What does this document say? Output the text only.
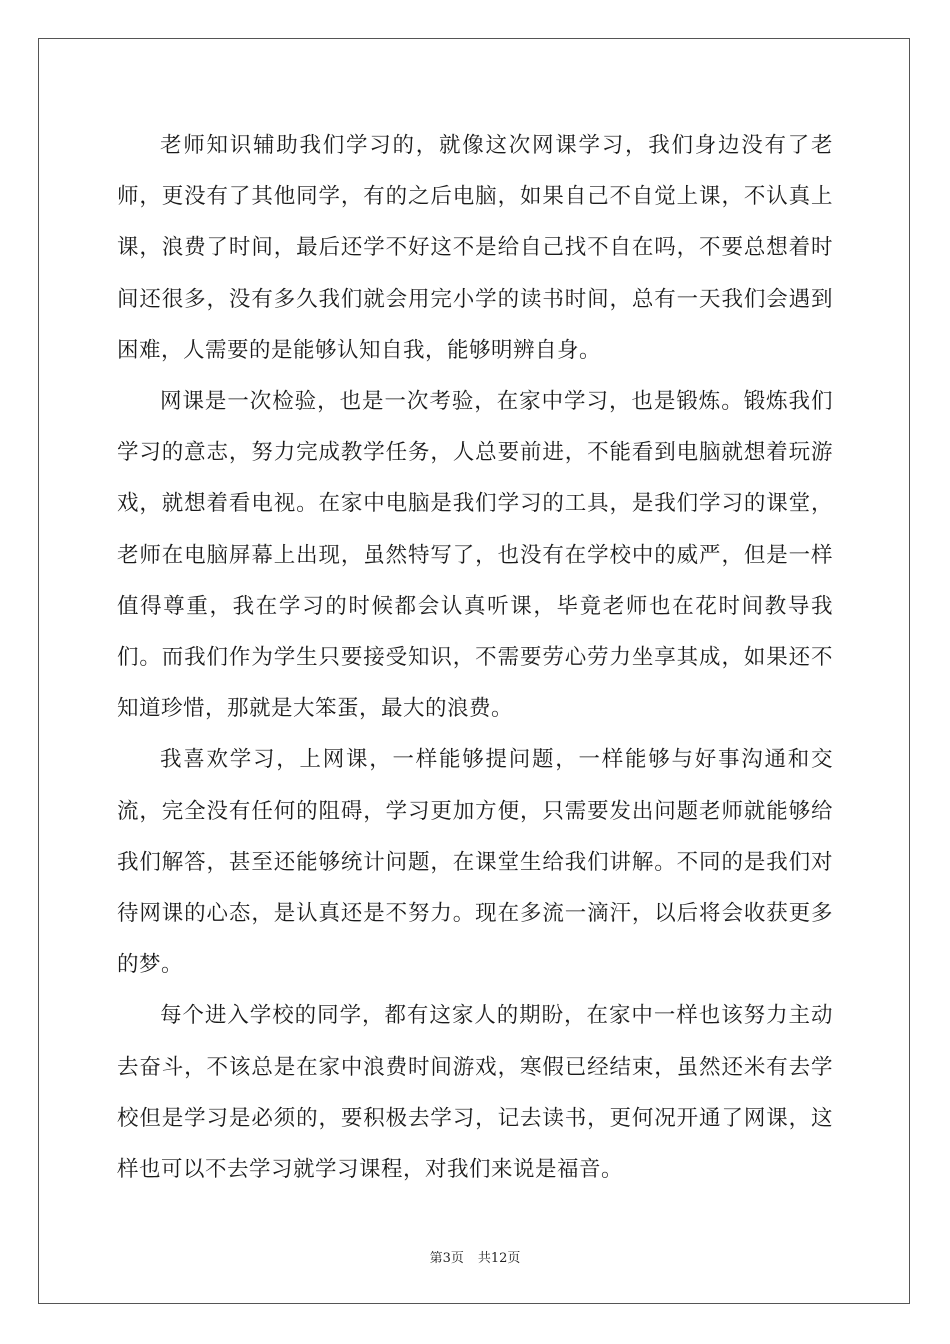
老师知识辅助我们学习的，就像这次网课学习，我们身边没有了老师，更没有了其他同学，有的之后电脑，如果自己不自觉上课，不认真上课，浪费了时间，最后还学不好这不是给自己找不自在吗，不要总想着时间还很多，没有多久我们就会用完小学的读书时间，总有一天我们会遇到困难，人需要的是能够认知自我，能够明辨自身。

网课是一次检验，也是一次考验，在家中学习，也是锻炼。锻炼我们学习的意志，努力完成教学任务，人总要前进，不能看到电脑就想着玩游戏，就想着看电视。在家中电脑是我们学习的工具，是我们学习的课堂，老师在电脑屏幕上出现，虽然特写了，也没有在学校中的威严，但是一样值得尊重，我在学习的时候都会认真听课，毕竟老师也在花时间教导我们。而我们作为学生只要接受知识，不需要劳心劳力坐享其成，如果还不知道珍惜，那就是大笨蛋，最大的浪费。

我喜欢学习，上网课，一样能够提问题，一样能够与好事沟通和交流，完全没有任何的阻碍，学习更加方便，只需要发出问题老师就能够给我们解答，甚至还能够统计问题，在课堂生给我们讲解。不同的是我们对待网课的心态，是认真还是不努力。现在多流一滴汗，以后将会收获更多的梦。

每个进入学校的同学，都有这家人的期盼，在家中一样也该努力主动去奋斗，不该总是在家中浪费时间游戏，寒假已经结束，虽然还米有去学校但是学习是必须的，要积极去学习，记去读书，更何况开通了网课，这样也可以不去学习就学习课程，对我们来说是福音。

第3页 共12页
